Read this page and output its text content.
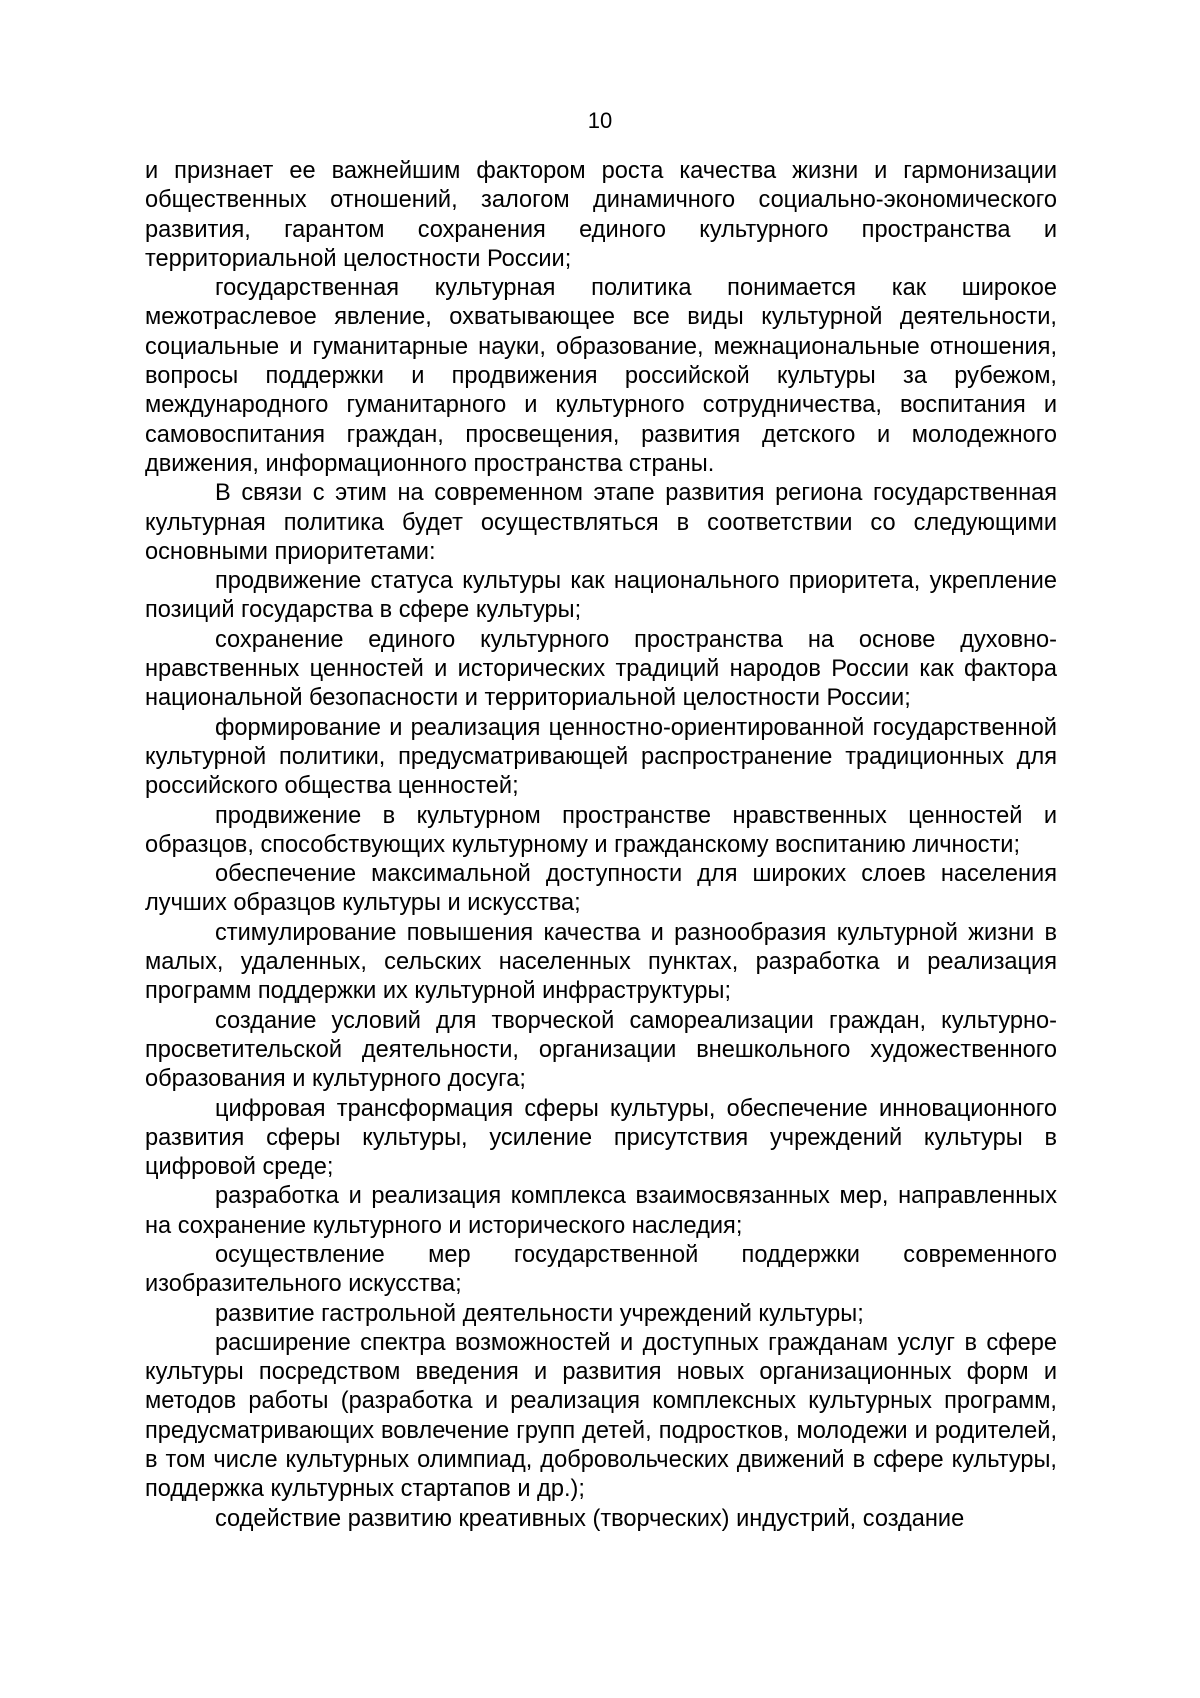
10

и признает ее важнейшим фактором роста качества жизни и гармонизации общественных отношений, залогом динамичного социально-экономического развития, гарантом сохранения единого культурного пространства и территориальной целостности России;

государственная культурная политика понимается как широкое межотраслевое явление, охватывающее все виды культурной деятельности, социальные и гуманитарные науки, образование, межнациональные отношения, вопросы поддержки и продвижения российской культуры за рубежом, международного гуманитарного и культурного сотрудничества, воспитания и самовоспитания граждан, просвещения, развития детского и молодежного движения, информационного пространства страны.

В связи с этим на современном этапе развития региона государственная культурная политика будет осуществляться в соответствии со следующими основными приоритетами:

продвижение статуса культуры как национального приоритета, укрепление позиций государства в сфере культуры;

сохранение единого культурного пространства на основе духовно-нравственных ценностей и исторических традиций народов России как фактора национальной безопасности и территориальной целостности России;

формирование и реализация ценностно-ориентированной государственной культурной политики, предусматривающей распространение традиционных для российского общества ценностей;

продвижение в культурном пространстве нравственных ценностей и образцов, способствующих культурному и гражданскому воспитанию личности;

обеспечение максимальной доступности для широких слоев населения лучших образцов культуры и искусства;

стимулирование повышения качества и разнообразия культурной жизни в малых, удаленных, сельских населенных пунктах, разработка и реализация программ поддержки их культурной инфраструктуры;

создание условий для творческой самореализации граждан, культурно-просветительской деятельности, организации внешкольного художественного образования и культурного досуга;

цифровая трансформация сферы культуры, обеспечение инновационного развития сферы культуры, усиление присутствия учреждений культуры в цифровой среде;

разработка и реализация комплекса взаимосвязанных мер, направленных на сохранение культурного и исторического наследия;

осуществление мер государственной поддержки современного изобразительного искусства;

развитие гастрольной деятельности учреждений культуры;

расширение спектра возможностей и доступных гражданам услуг в сфере культуры посредством введения и развития новых организационных форм и методов работы (разработка и реализация комплексных культурных программ, предусматривающих вовлечение групп детей, подростков, молодежи и родителей, в том числе культурных олимпиад, добровольческих движений в сфере культуры, поддержка культурных стартапов и др.);

содействие развитию креативных (творческих) индустрий, создание
